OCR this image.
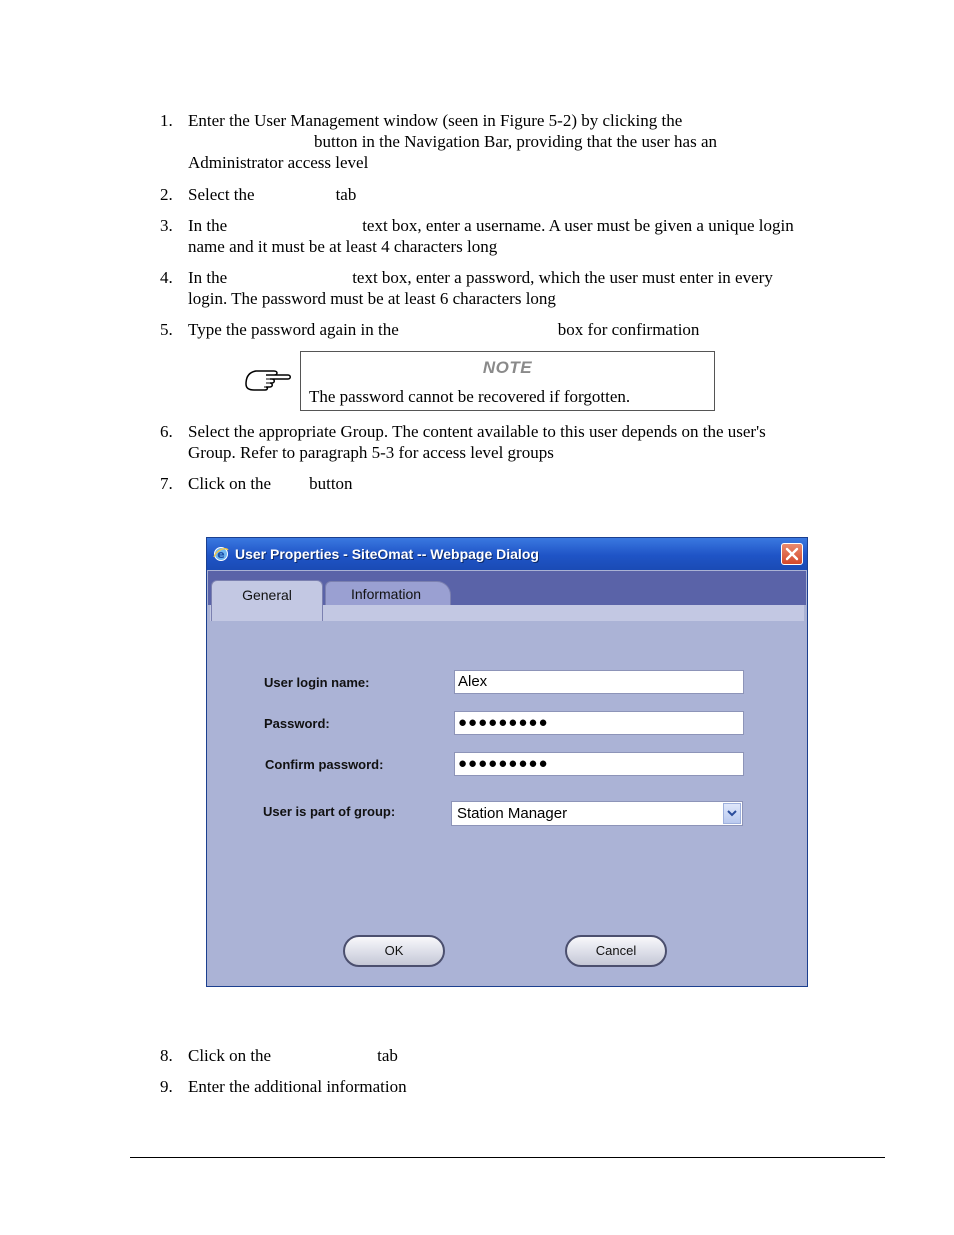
1. Enter the User Management window (seen in Figure 5-2) by clicking the
button in the Navigation Bar, providing that the user has an
Administrator access level
2. Select the	tab
3. In the	text box, enter a username. A user must be given a unique login
name and it must be at least 4 characters long
4. In the	text box, enter a password, which the user must enter in every
login. The password must be at least 6 characters long
5. Type the password again in the	box for confirmation
NOTE
The password cannot be recovered if forgotten.
6. Select the appropriate Group. The content available to this user depends on the user's
Group. Refer to paragraph 5-3 for access level groups
7. Click on the button
e User Properties - SiteOmat -- Webpage Dialog
Information
General
User login name:	Alex
Password:	●●●●●●●●●
Confirm password:	●●●●●●●●●
User is part of group:	Station Manager
OK	Cancel
8. Click on the	tab
9. Enter the additional information
